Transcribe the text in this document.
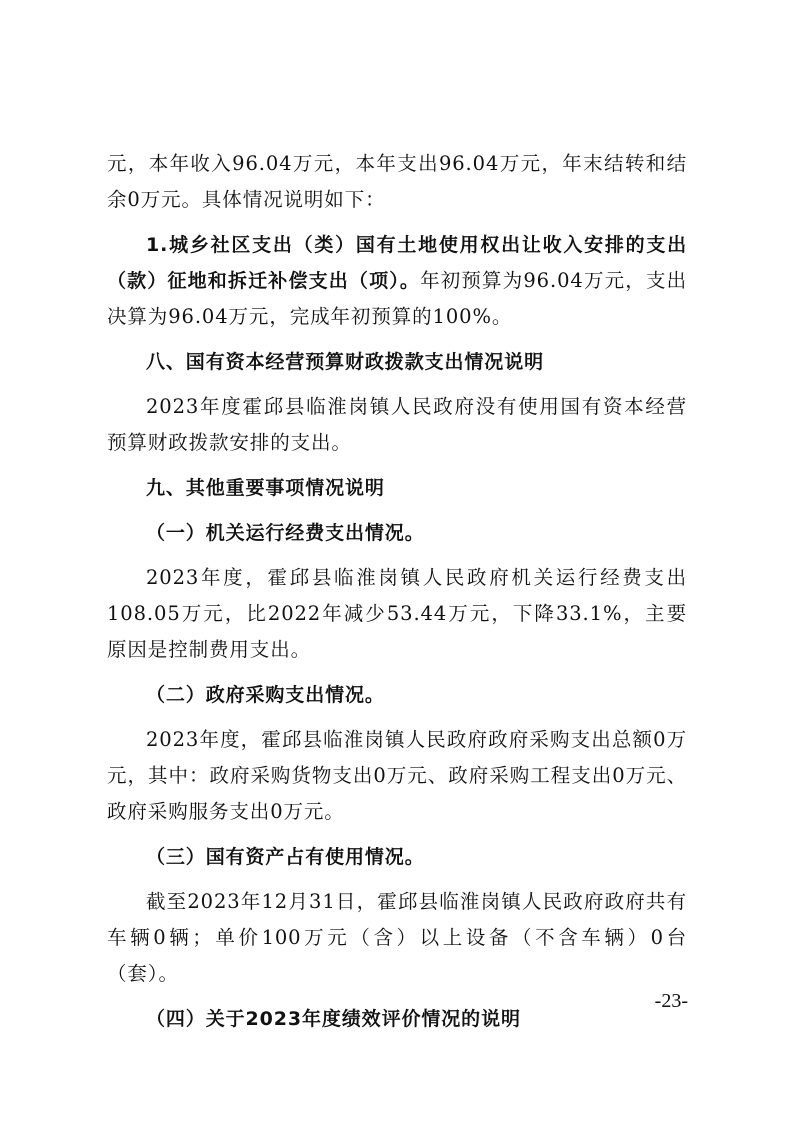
元，本年收入96.04万元，本年支出96.04万元，年末结转和结余0万元。具体情况说明如下：

1.城乡社区支出（类）国有土地使用权出让收入安排的支出（款）征地和拆迁补偿支出（项）。年初预算为96.04万元，支出决算为96.04万元，完成年初预算的100%。

八、国有资本经营预算财政拨款支出情况说明

2023年度霍邱县临淮岗镇人民政府没有使用国有资本经营预算财政拨款安排的支出。

九、其他重要事项情况说明

（一）机关运行经费支出情况。

2023年度，霍邱县临淮岗镇人民政府机关运行经费支出108.05万元，比2022年减少53.44万元，下降33.1%，主要原因是控制费用支出。

（二）政府采购支出情况。

2023年度，霍邱县临淮岗镇人民政府政府采购支出总额0万元，其中：政府采购货物支出0万元、政府采购工程支出0万元、政府采购服务支出0万元。

（三）国有资产占有使用情况。

截至2023年12月31日，霍邱县临淮岗镇人民政府政府共有车辆0辆；单价100万元（含）以上设备（不含车辆）0台（套）。

（四）关于2023年度绩效评价情况的说明

-23-
